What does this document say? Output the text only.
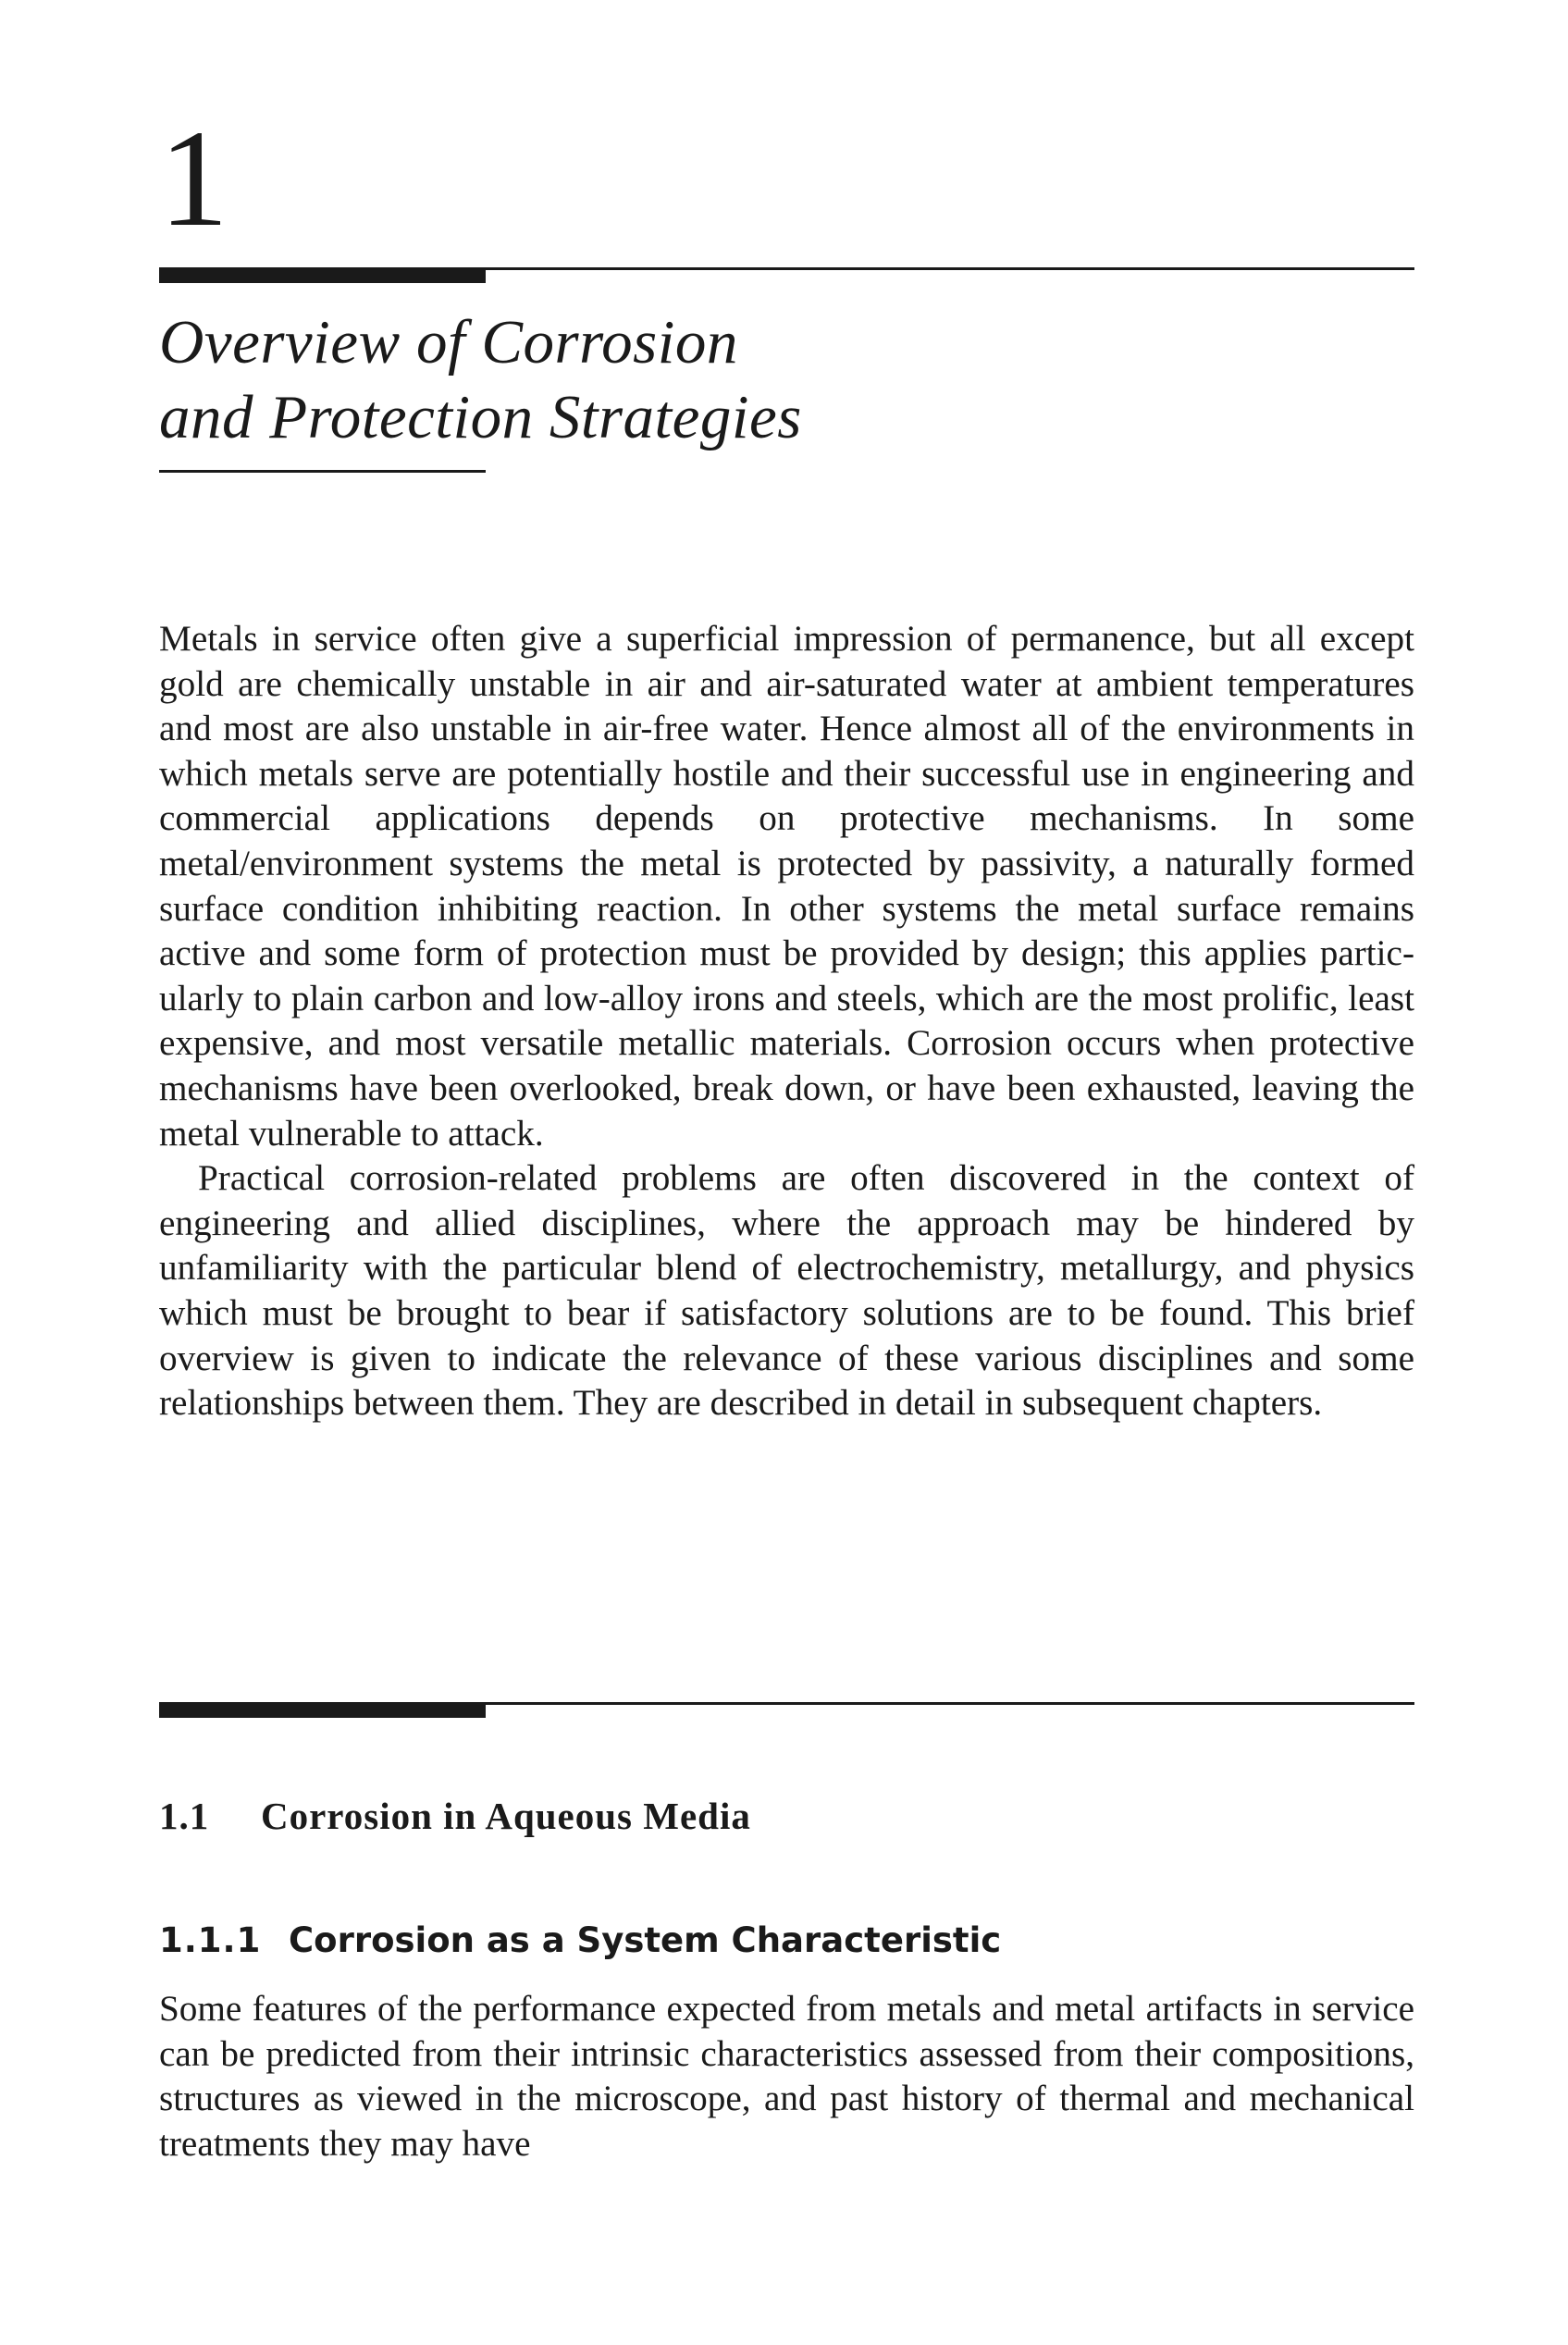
1
Overview of Corrosion
and Protection Strategies

Metals in service often give a superficial impression of permanence, but all except gold are chemically unstable in air and air-saturated water at ambient temperatures and most are also unstable in air-free water. Hence almost all of the environments in which metals serve are potentially hostile and their successful use in engineering and commercial applications depends on protective mechanisms. In some metal/environment systems the metal is protected by passivity, a naturally formed surface condition inhibiting reaction. In other systems the metal surface remains active and some form of protection must be provided by design; this applies particularly to plain carbon and low-alloy irons and steels, which are the most prolific, least expensive, and most versatile metallic materials. Corrosion occurs when protective mechanisms have been overlooked, break down, or have been exhausted, leaving the metal vulnerable to attack.

Practical corrosion-related problems are often discovered in the context of engineering and allied disciplines, where the approach may be hindered by unfamiliarity with the particular blend of electrochemistry, metallurgy, and physics which must be brought to bear if satisfactory solutions are to be found. This brief overview is given to indicate the relevance of these various disciplines and some relationships between them. They are described in detail in subsequent chapters.

1.1 Corrosion in Aqueous Media
1.1.1 Corrosion as a System Characteristic

Some features of the performance expected from metals and metal artifacts in service can be predicted from their intrinsic characteristics assessed from their compositions, structures as viewed in the microscope, and past history of thermal and mechanical treatments they may have
